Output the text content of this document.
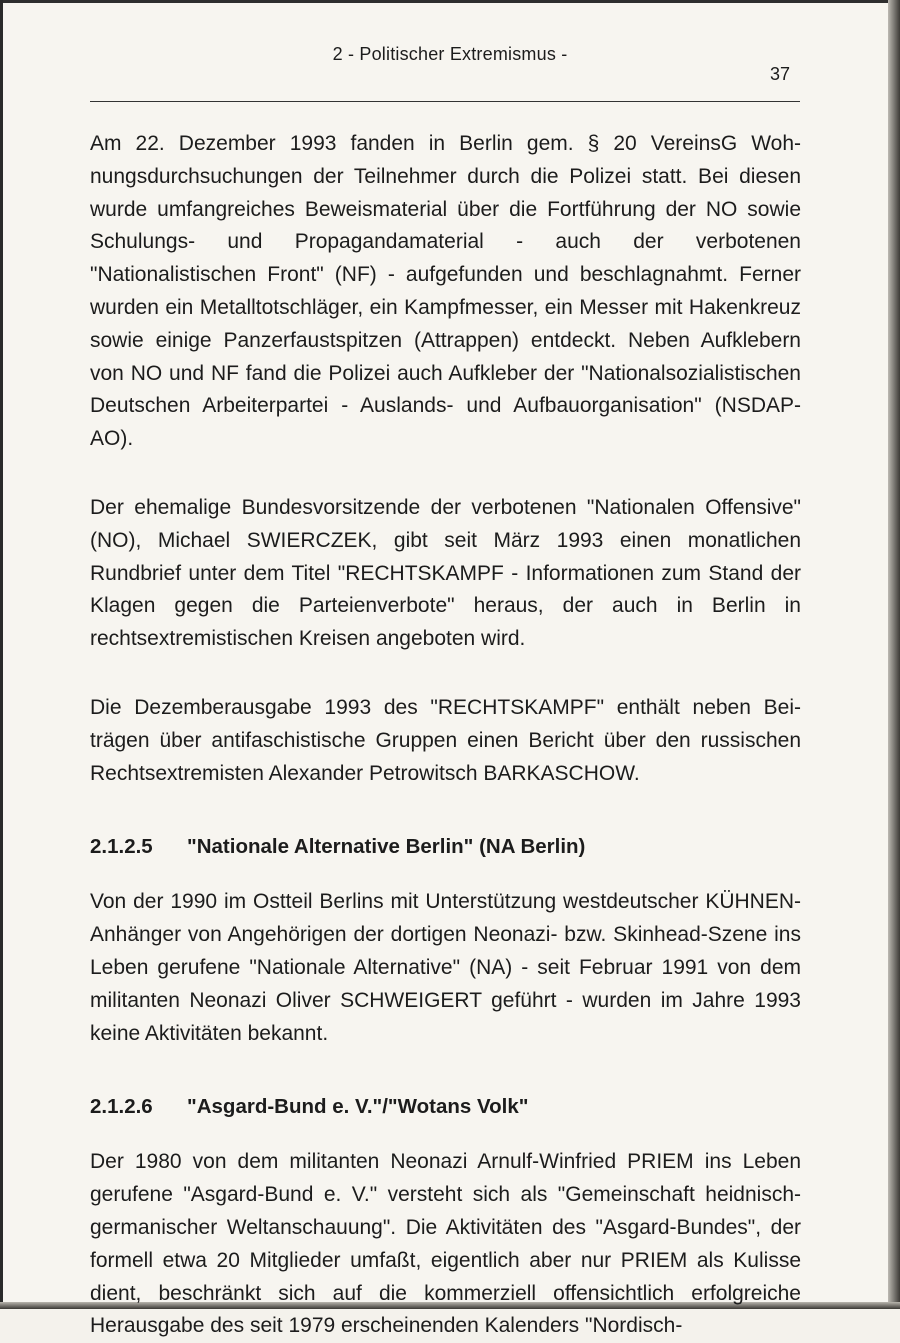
2 - Politischer Extremismus -
37

Am 22. Dezember 1993 fanden in Berlin gem. § 20 VereinsG Wohnungsdurchsuchungen der Teilnehmer durch die Polizei statt. Bei diesen wurde umfangreiches Beweismaterial über die Fortführung der NO sowie Schulungs- und Propagandamaterial - auch der verbotenen "Nationalistischen Front" (NF) - aufgefunden und beschlagnahmt. Ferner wurden ein Metalltotschläger, ein Kampfmesser, ein Messer mit Hakenkreuz sowie einige Panzerfaustspitzen (Attrappen) entdeckt. Neben Aufklebern von NO und NF fand die Polizei auch Aufkleber der "Nationalsozialistischen Deutschen Arbeiterpartei - Auslands- und Aufbauorganisation" (NSDAP-AO).

Der ehemalige Bundesvorsitzende der verbotenen "Nationalen Offensive" (NO), Michael SWIERCZEK, gibt seit März 1993 einen monatlichen Rundbrief unter dem Titel "RECHTSKAMPF - Informationen zum Stand der Klagen gegen die Parteienverbote" heraus, der auch in Berlin in rechtsextremistischen Kreisen angeboten wird.

Die Dezemberausgabe 1993 des "RECHTSKAMPF" enthält neben Beiträgen über antifaschistische Gruppen einen Bericht über den russischen Rechtsextremisten Alexander Petrowitsch BARKASCHOW.

2.1.2.5	"Nationale Alternative Berlin" (NA Berlin)

Von der 1990 im Ostteil Berlins mit Unterstützung westdeutscher KÜHNEN-Anhänger von Angehörigen der dortigen Neonazi- bzw. Skinhead-Szene ins Leben gerufene "Nationale Alternative" (NA) - seit Februar 1991 von dem militanten Neonazi Oliver SCHWEIGERT geführt - wurden im Jahre 1993 keine Aktivitäten bekannt.

2.1.2.6	"Asgard-Bund e. V."/"Wotans Volk"

Der 1980 von dem militanten Neonazi Arnulf-Winfried PRIEM ins Leben gerufene "Asgard-Bund e. V." versteht sich als "Gemeinschaft heidnisch-germanischer Weltanschauung". Die Aktivitäten des "Asgard-Bundes", der formell etwa 20 Mitglieder umfaßt, eigentlich aber nur PRIEM als Kulisse dient, beschränkt sich auf die kommerziell offensichtlich erfolgreiche Herausgabe des seit 1979 erscheinenden Kalenders "Nordisch-
